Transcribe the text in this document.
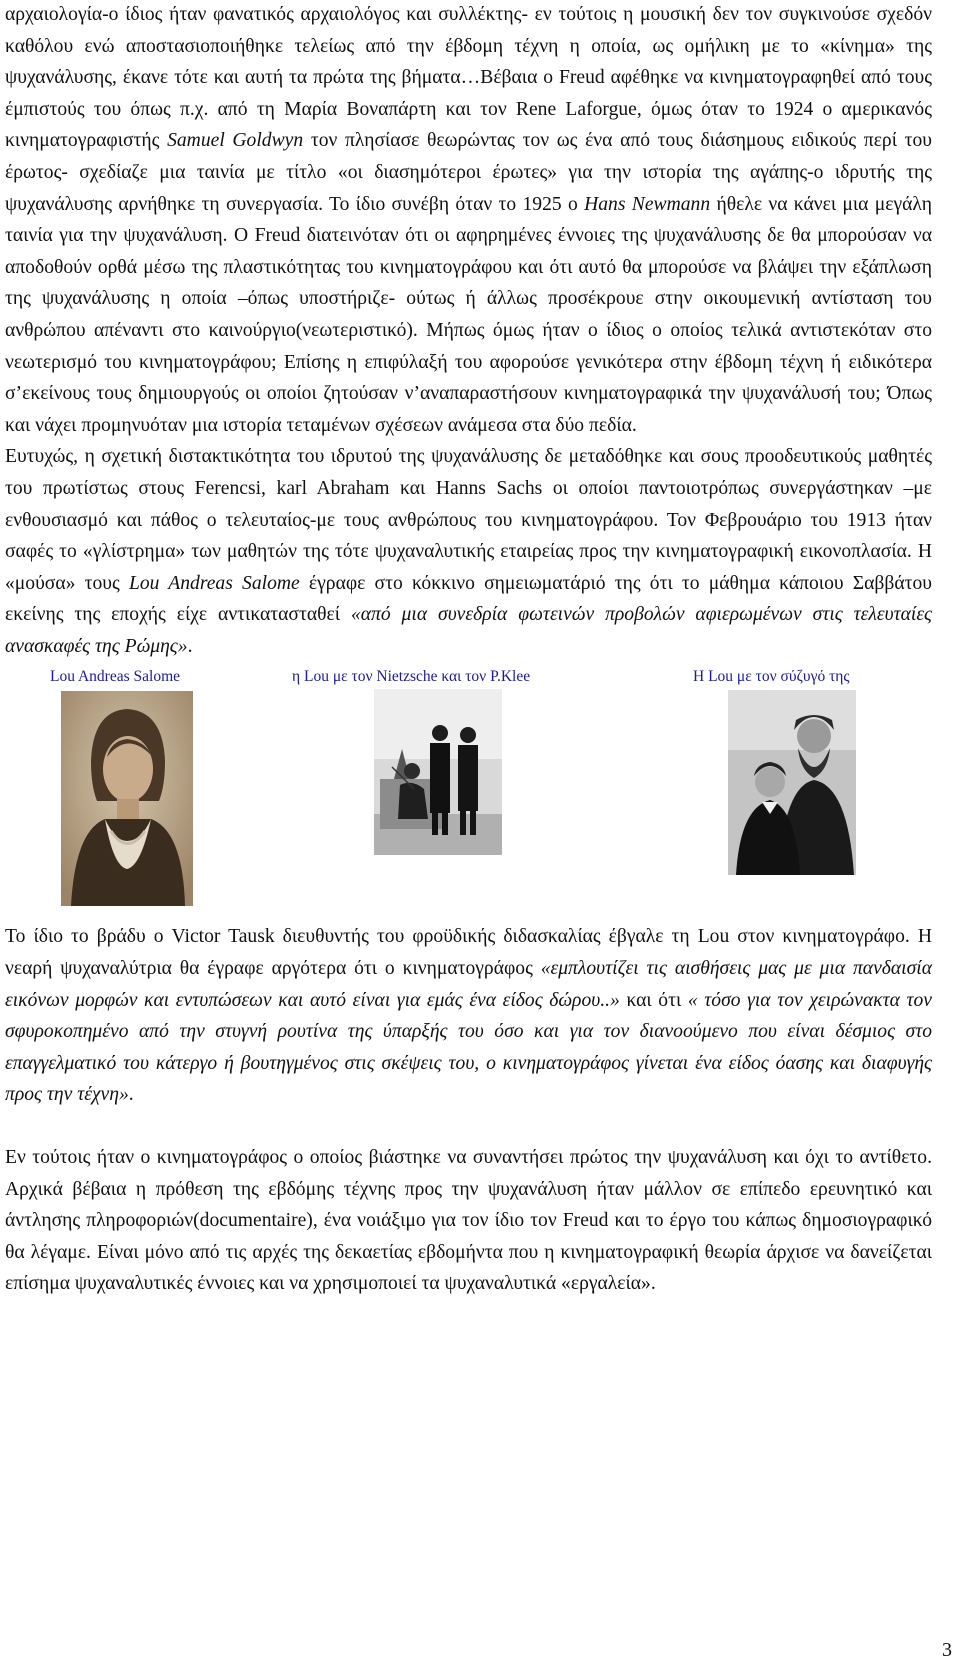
αρχαιολογία-ο ίδιος ήταν φανατικός αρχαιολόγος και συλλέκτης- εν τούτοις η μουσική δεν τον συγκινούσε σχεδόν καθόλου ενώ αποστασιοποιήθηκε τελείως από την έβδομη τέχνη η οποία, ως ομήλικη με το «κίνημα» της ψυχανάλυσης, έκανε τότε και αυτή τα πρώτα της βήματα…Βέβαια ο Freud αφέθηκε να κινηματογραφηθεί από τους έμπιστούς του όπως π.χ. από τη Μαρία Βοναπάρτη και τον Rene Laforgue, όμως όταν το 1924 ο αμερικανός κινηματογραφιστής Samuel Goldwyn τον πλησίασε θεωρώντας τον ως ένα από τους διάσημους ειδικούς περί του έρωτος- σχεδίαζε μια ταινία με τίτλο «οι διασημότεροι έρωτες» για την ιστορία της αγάπης-ο ιδρυτής της ψυχανάλυσης αρνήθηκε τη συνεργασία. Το ίδιο συνέβη όταν το 1925 ο Hans Newmann ήθελε να κάνει μια μεγάλη ταινία για την ψυχανάλυση. Ο Freud διατεινόταν ότι οι αφηρημένες έννοιες της ψυχανάλυσης δε θα μπορούσαν να αποδοθούν ορθά μέσω της πλαστικότητας του κινηματογράφου και ότι αυτό θα μπορούσε να βλάψει την εξάπλωση της ψυχανάλυσης η οποία –όπως υποστήριζε- ούτως ή άλλως προσέκρουε στην οικουμενική αντίσταση του ανθρώπου απέναντι στο καινούργιο(νεωτεριστικό). Μήπως όμως ήταν ο ίδιος ο οποίος τελικά αντιστεκόταν στο νεωτερισμό του κινηματογράφου; Επίσης η επιφύλαξή του αφορούσε γενικότερα στην έβδομη τέχνη ή ειδικότερα σ’εκείνους τους δημιουργούς οι οποίοι ζητούσαν ν’αναπαραστήσουν κινηματογραφικά την ψυχανάλυσή του; Όπως και νάχει προμηνυόταν μια ιστορία τεταμένων σχέσεων ανάμεσα στα δύο πεδία.

Ευτυχώς, η σχετική διστακτικότητα του ιδρυτού της ψυχανάλυσης δε μεταδόθηκε και σους προοδευτικούς μαθητές του πρωτίστως στους Ferencsi, karl Abraham και Hanns Sachs οι οποίοι παντοιοτρόπως συνεργάστηκαν –με ενθουσιασμό και πάθος ο τελευταίος-με τους ανθρώπους του κινηματογράφου. Τον Φεβρουάριο του 1913 ήταν σαφές το «γλίστρημα» των μαθητών της τότε ψυχαναλυτικής εταιρείας προς την κινηματογραφική εικονοπλασία. Η «μούσα» τους Lou Andreas Salome έγραφε στο κόκκινο σημειωματάριό της ότι το μάθημα κάποιου Σαββάτου εκείνης της εποχής είχε αντικατασταθεί «από μια συνεδρία φωτεινών προβολών αφιερωμένων στις τελευταίες ανασκαφές της Ρώμης».

Lou Andreas Salome	η Lou με τον Nietzsche και τον P.Klee	Η Lou με τον σύζυγό της

Το ίδιο το βράδυ ο Victor Tausk διευθυντής του φροϋδικής διδασκαλίας έβγαλε τη Lou στον κινηματογράφο. Η νεαρή ψυχαναλύτρια θα έγραφε αργότερα ότι ο κινηματογράφος «εμπλουτίζει τις αισθήσεις μας με μια πανδαισία εικόνων μορφών και εντυπώσεων και αυτό είναι για εμάς ένα είδος δώρου..» και ότι « τόσο για τον χειρώνακτα τον σφυροκοπημένο από την στυγνή ρουτίνα της ύπαρξής του όσο και για τον διανοούμενο που είναι δέσμιος στο επαγγελματικό του κάτεργο ή βουτηγμένος στις σκέψεις του, ο κινηματογράφος γίνεται ένα είδος όασης και διαφυγής προς την τέχνη».

Εν τούτοις ήταν ο κινηματογράφος ο οποίος βιάστηκε να συναντήσει πρώτος την ψυχανάλυση και όχι το αντίθετο. Αρχικά βέβαια η πρόθεση της εβδόμης τέχνης προς την ψυχανάλυση ήταν μάλλον σε επίπεδο ερευνητικό και άντλησης πληροφοριών(documentaire), ένα νοιάξιμο για τον ίδιο τον Freud και το έργο του κάπως δημοσιογραφικό θα λέγαμε. Είναι μόνο από τις αρχές της δεκαετίας εβδομήντα που η κινηματογραφική θεωρία άρχισε να δανείζεται επίσημα ψυχαναλυτικές έννοιες και να χρησιμοποιεί τα ψυχαναλυτικά «εργαλεία».

3
